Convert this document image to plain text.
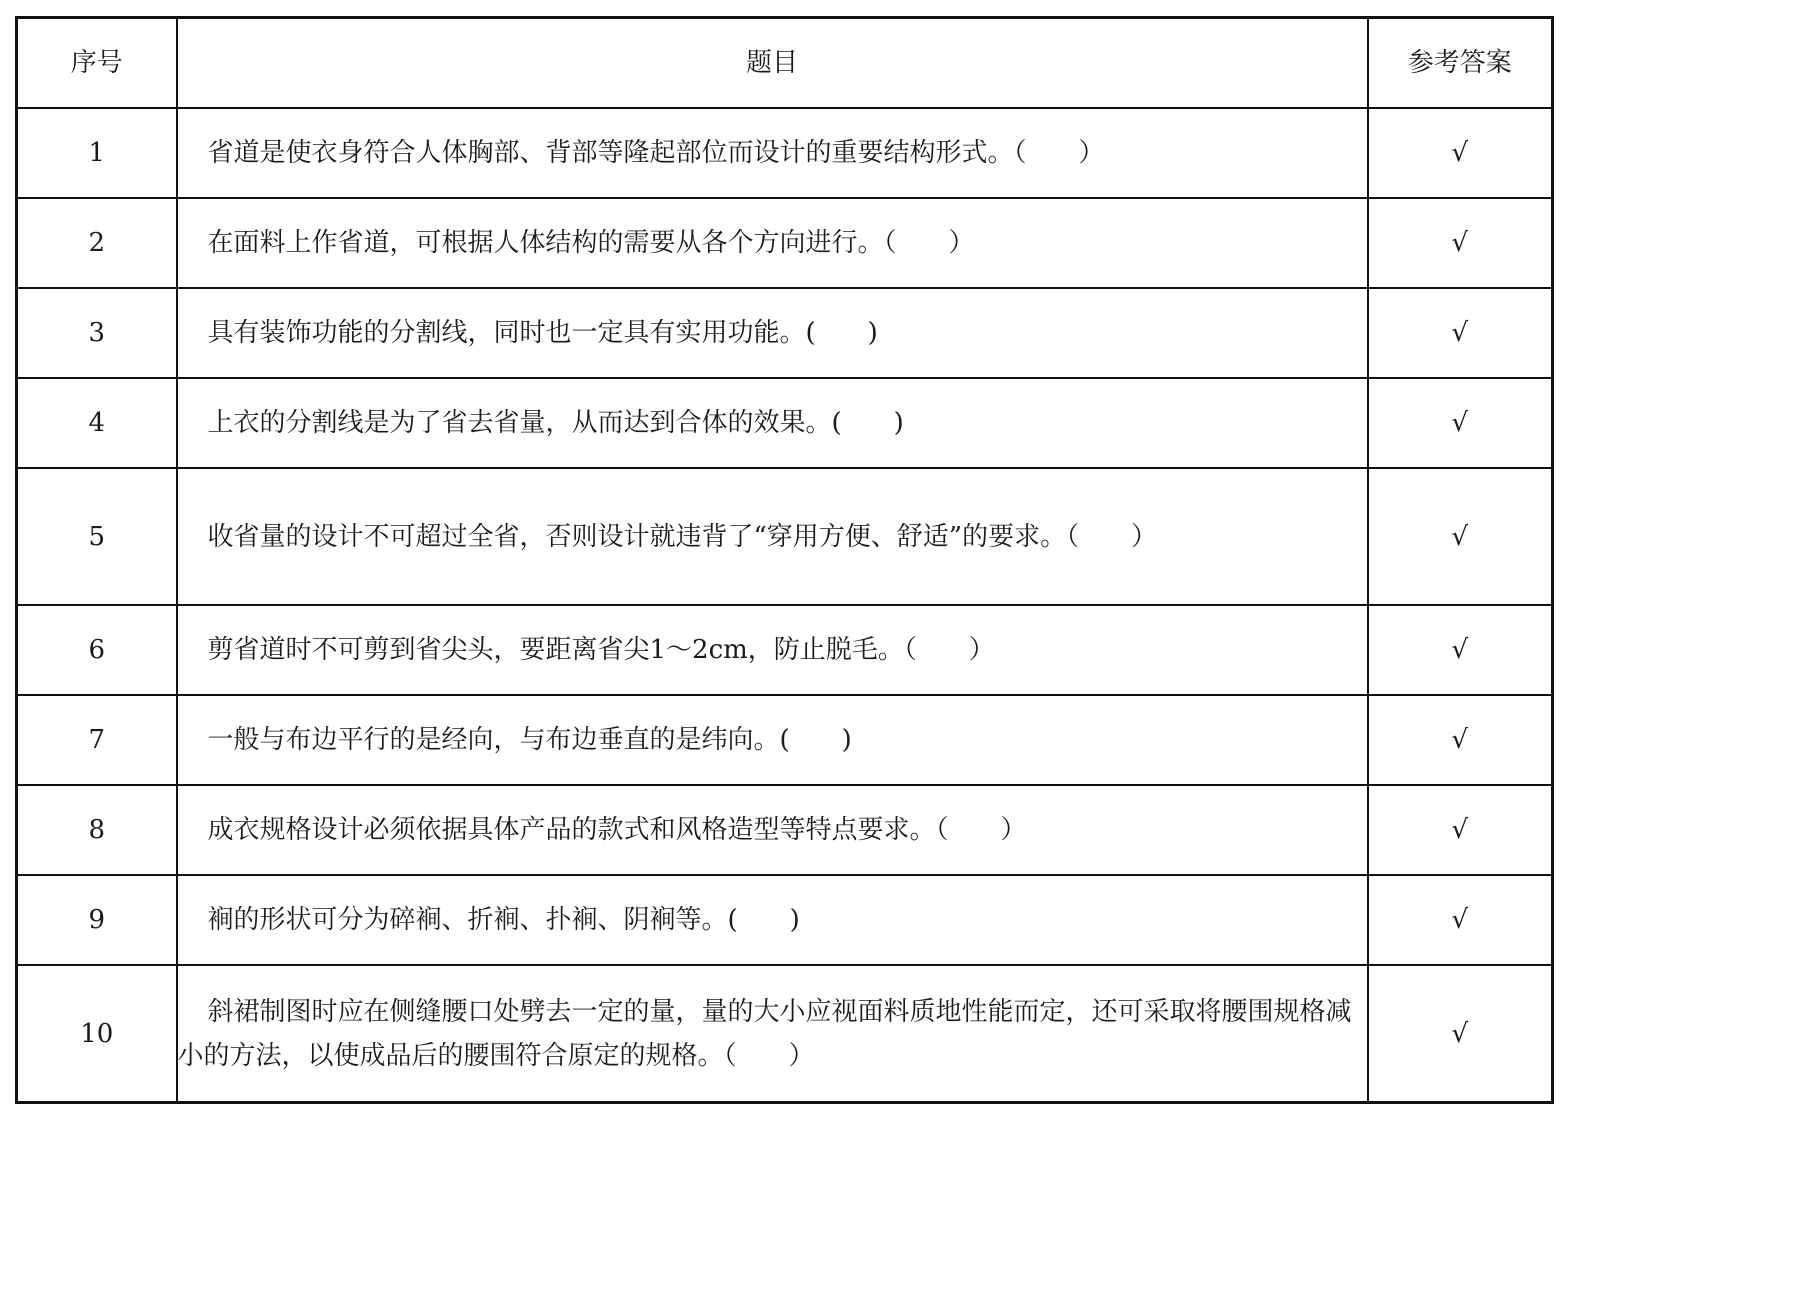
序号	题目	参考答案
1	省道是使衣身符合人体胸部、背部等隆起部位而设计的重要结构形式。（　　）	√
2	在面料上作省道，可根据人体结构的需要从各个方向进行。（　　）	√
3	具有装饰功能的分割线，同时也一定具有实用功能。(　　)	√
4	上衣的分割线是为了省去省量，从而达到合体的效果。(　　)	√
5	收省量的设计不可超过全省，否则设计就违背了“穿用方便、舒适”的要求。（　　）	√
6	剪省道时不可剪到省尖头，要距离省尖1～2cm，防止脱毛。（　　）	√
7	一般与布边平行的是经向，与布边垂直的是纬向。(　　)	√
8	成衣规格设计必须依据具体产品的款式和风格造型等特点要求。（　　）	√
9	裥的形状可分为碎裥、折裥、扑裥、阴裥等。(　　)	√
10	斜裙制图时应在侧缝腰口处劈去一定的量，量的大小应视面料质地性能而定，还可采取将腰围规格减小的方法，以使成品后的腰围符合原定的规格。（　　）	√
